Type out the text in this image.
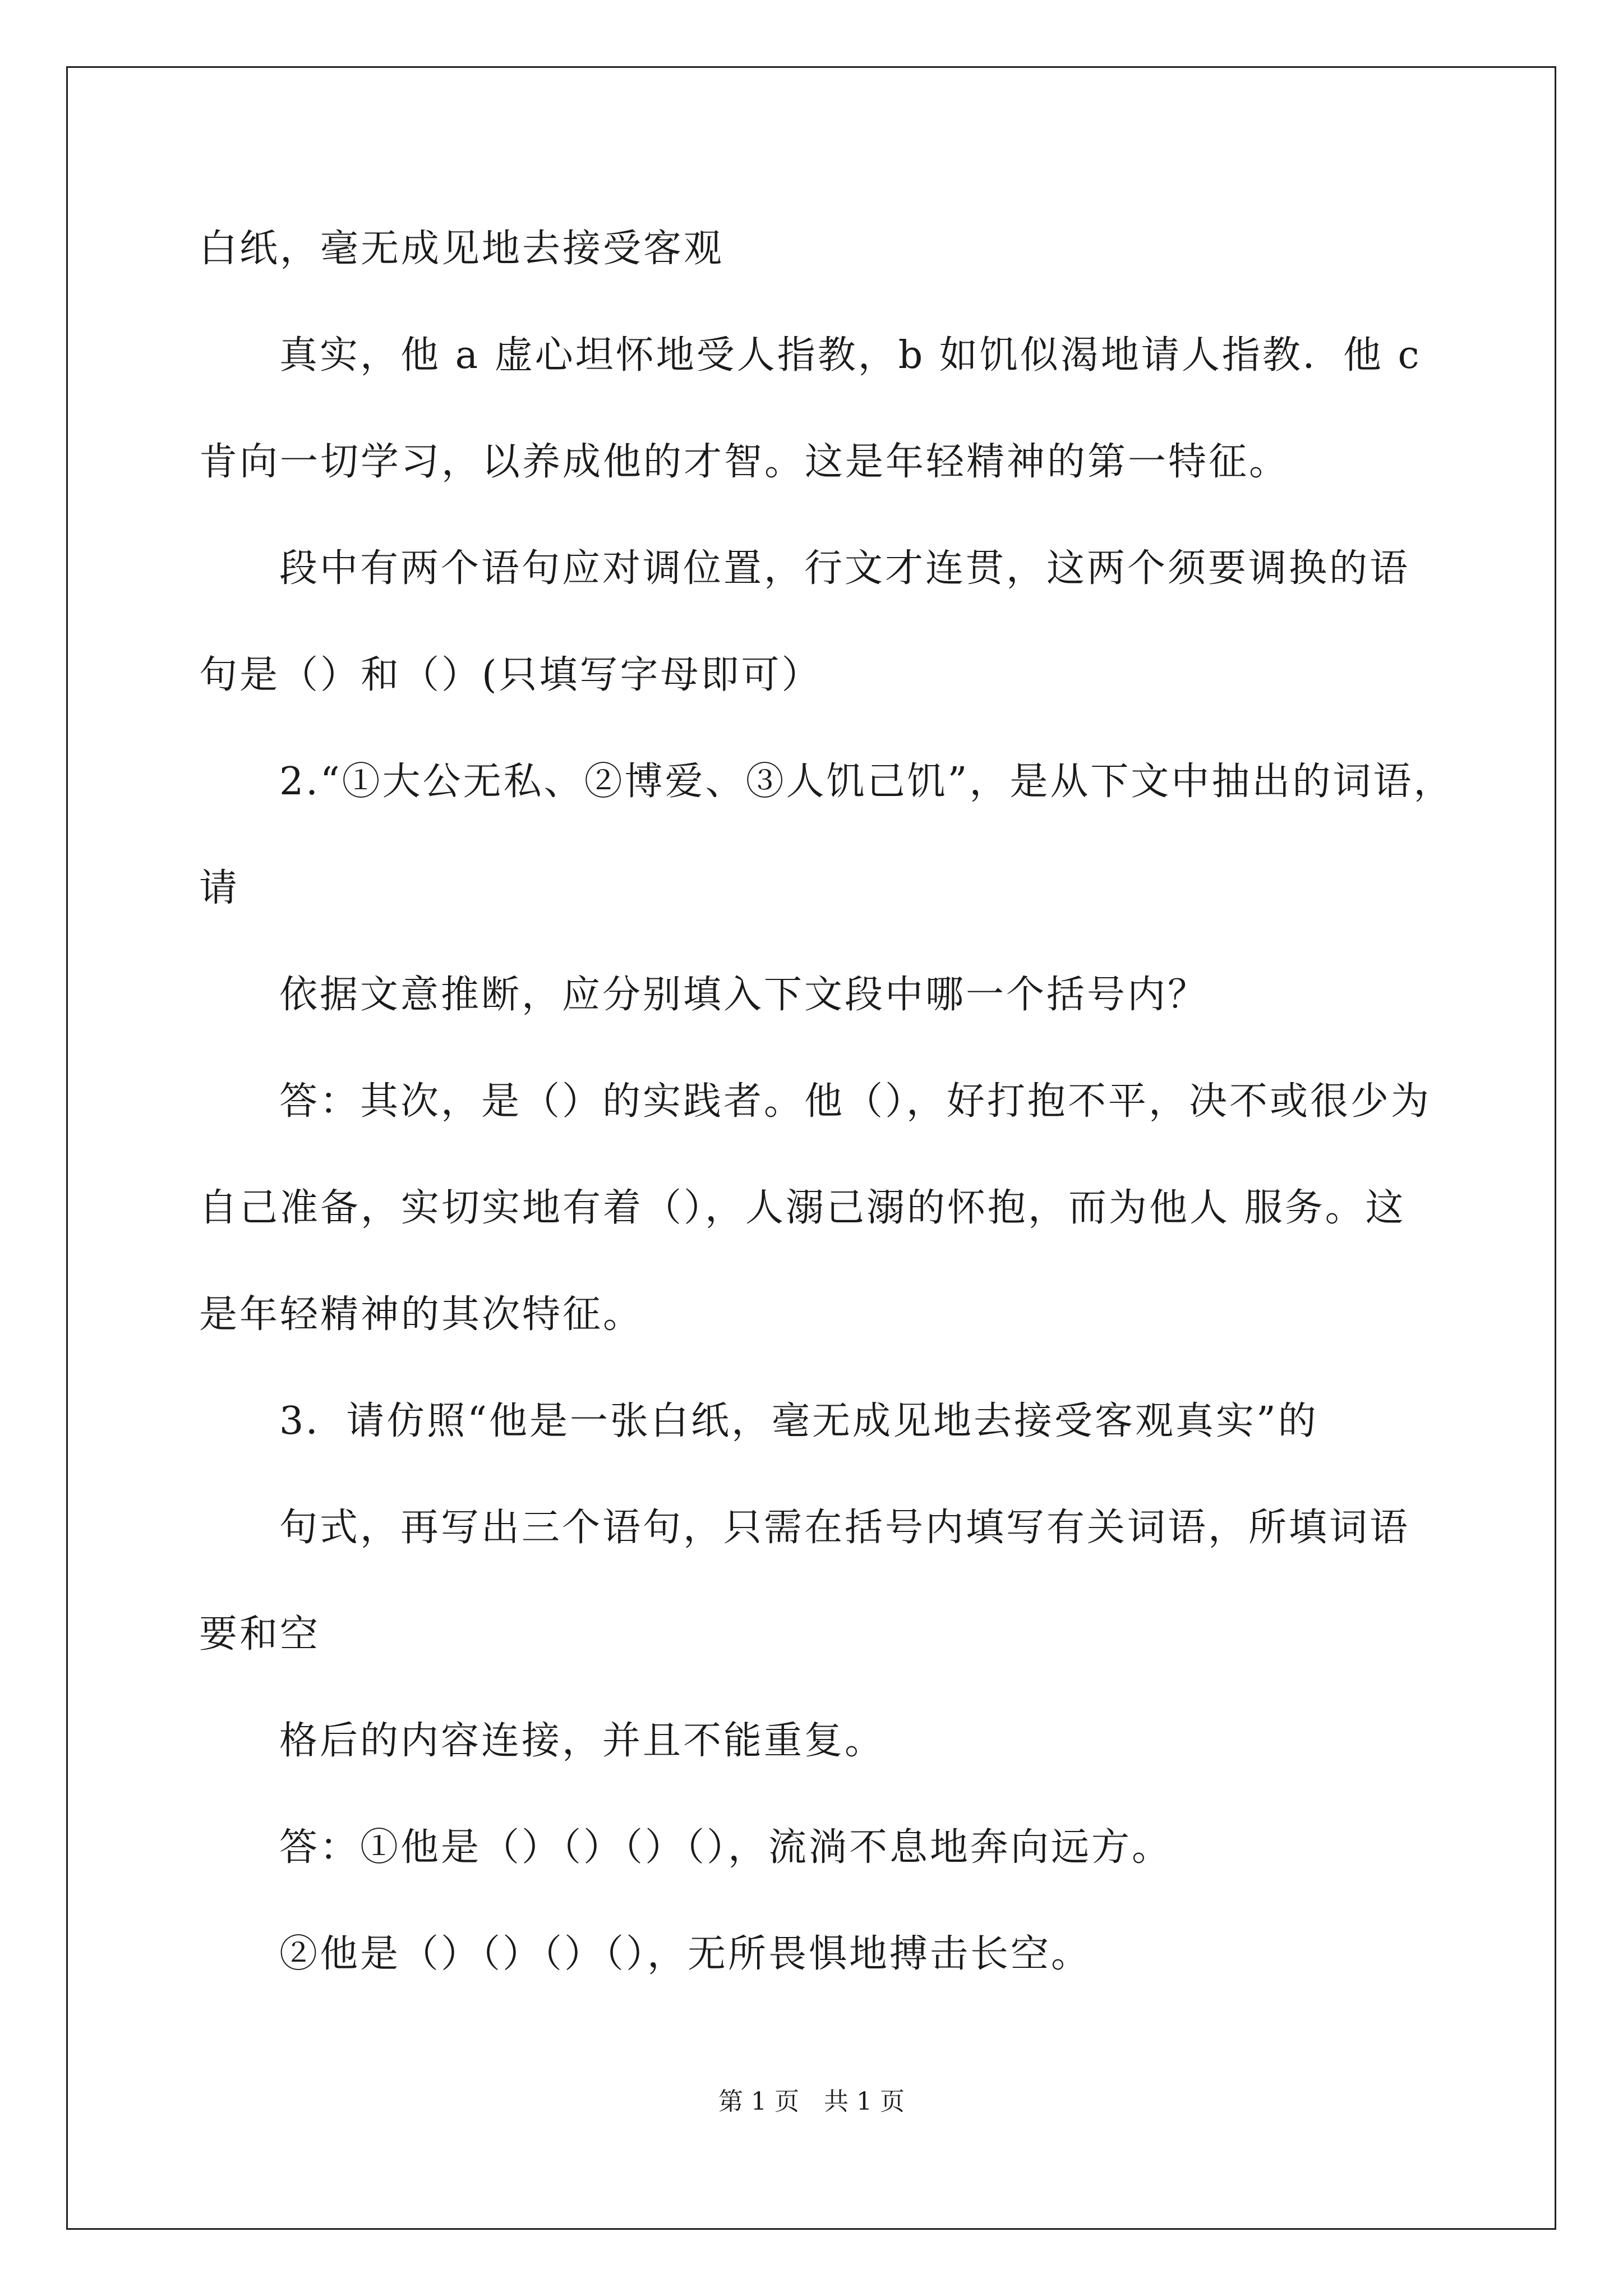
白纸，毫无成见地去接受客观
真实，他 a 虚心坦怀地受人指教，b 如饥似渴地请人指教．他 c
肯向一切学习，以养成他的才智。这是年轻精神的第一特征。
段中有两个语句应对调位置，行文才连贯，这两个须要调换的语
句是（）和（）(只填写字母即可）
2.“①大公无私、②博爱、③人饥己饥”，是从下文中抽出的词语，
请
依据文意推断，应分别填入下文段中哪一个括号内？
答：其次，是（）的实践者。他（），好打抱不平，决不或很少为
自己准备，实切实地有着（），人溺己溺的怀抱，而为他人 服务。这
是年轻精神的其次特征。
3．请仿照“他是一张白纸，毫无成见地去接受客观真实”的
句式，再写出三个语句，只需在括号内填写有关词语，所填词语
要和空
格后的内容连接，并且不能重复。
答：①他是（）（）（）（），流淌不息地奔向远方。
②他是（）（）（）（），无所畏惧地搏击长空。
第 1 页　共 1 页
